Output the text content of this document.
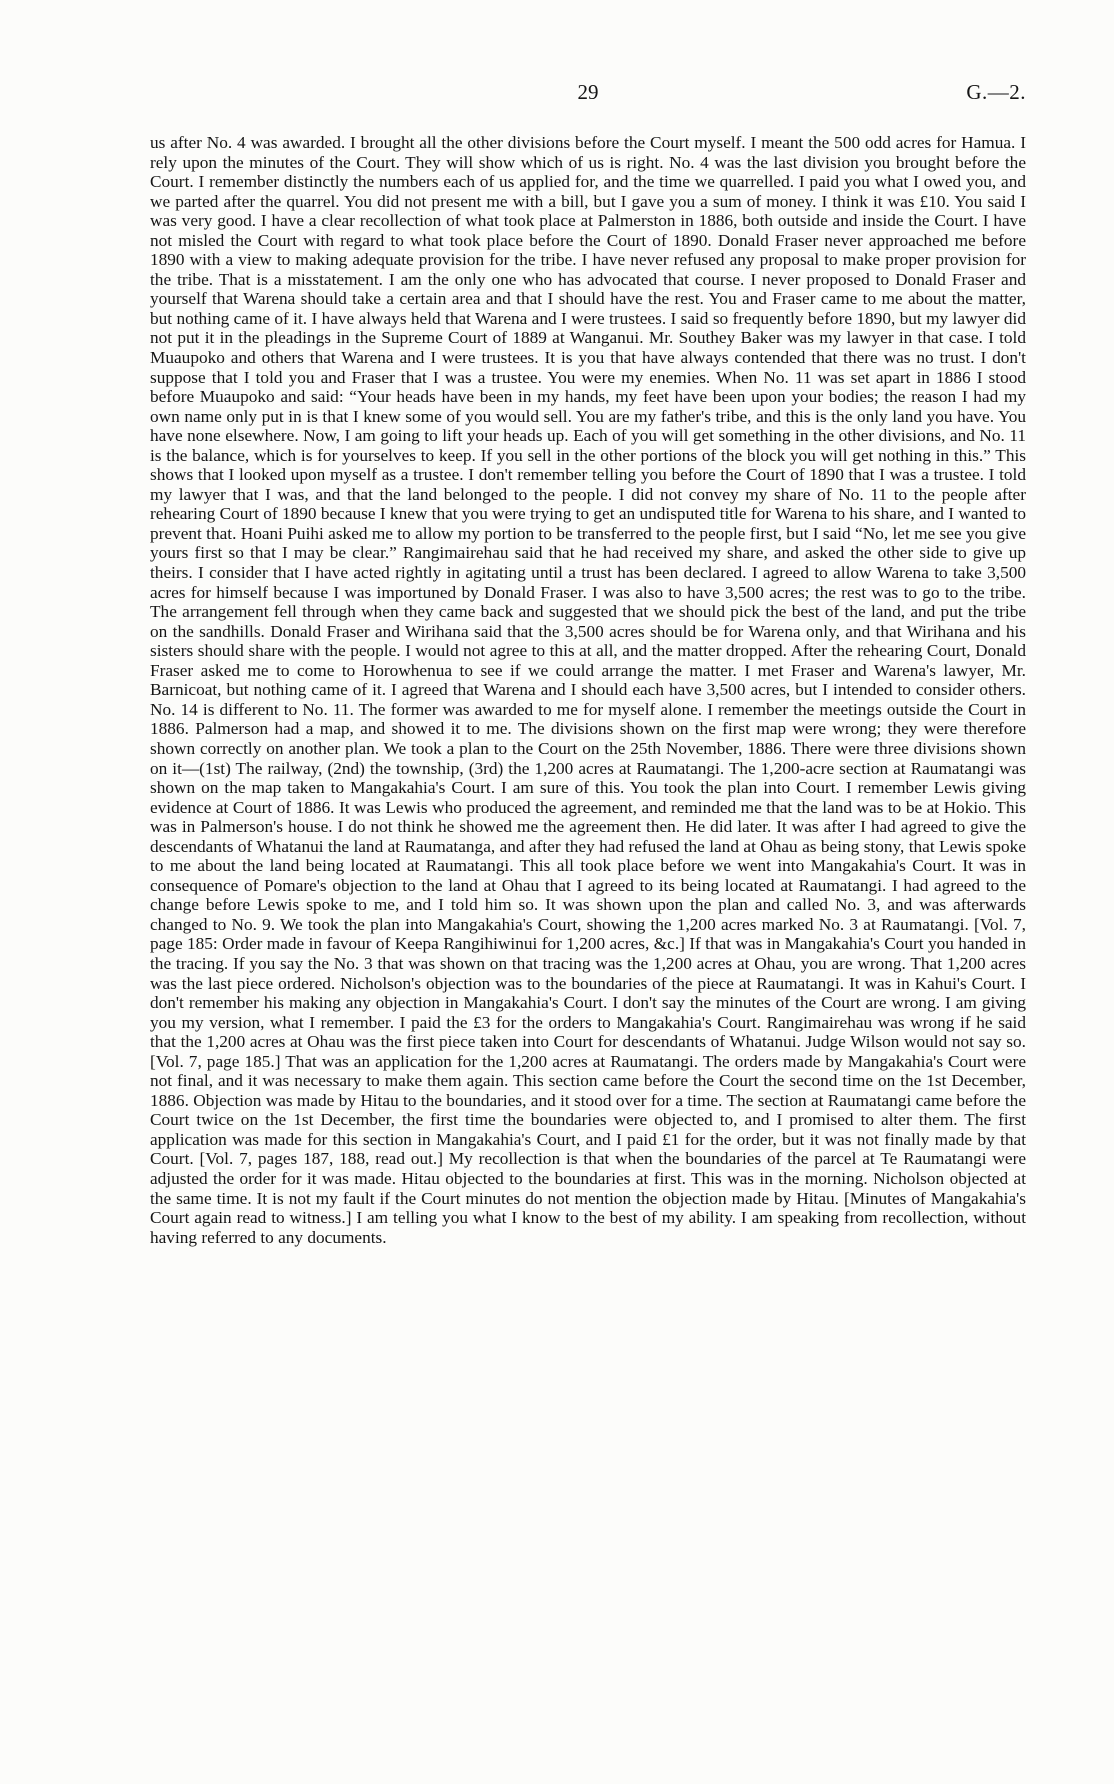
29	G.—2.

us after No. 4 was awarded. I brought all the other divisions before the Court myself. I meant the 500 odd acres for Hamua. I rely upon the minutes of the Court. They will show which of us is right. No. 4 was the last division you brought before the Court. I remember distinctly the numbers each of us applied for, and the time we quarrelled. I paid you what I owed you, and we parted after the quarrel. You did not present me with a bill, but I gave you a sum of money. I think it was £10. You said I was very good. I have a clear recollection of what took place at Palmerston in 1886, both outside and inside the Court. I have not misled the Court with regard to what took place before the Court of 1890. Donald Fraser never approached me before 1890 with a view to making adequate provision for the tribe. I have never refused any proposal to make proper provision for the tribe. That is a misstatement. I am the only one who has advocated that course. I never proposed to Donald Fraser and yourself that Warena should take a certain area and that I should have the rest. You and Fraser came to me about the matter, but nothing came of it. I have always held that Warena and I were trustees. I said so frequently before 1890, but my lawyer did not put it in the pleadings in the Supreme Court of 1889 at Wanganui. Mr. Southey Baker was my lawyer in that case. I told Muaupoko and others that Warena and I were trustees. It is you that have always contended that there was no trust. I don't suppose that I told you and Fraser that I was a trustee. You were my enemies. When No. 11 was set apart in 1886 I stood before Muaupoko and said: “Your heads have been in my hands, my feet have been upon your bodies; the reason I had my own name only put in is that I knew some of you would sell. You are my father's tribe, and this is the only land you have. You have none elsewhere. Now, I am going to lift your heads up. Each of you will get something in the other divisions, and No. 11 is the balance, which is for yourselves to keep. If you sell in the other portions of the block you will get nothing in this.” This shows that I looked upon myself as a trustee. I don't remember telling you before the Court of 1890 that I was a trustee. I told my lawyer that I was, and that the land belonged to the people. I did not convey my share of No. 11 to the people after rehearing Court of 1890 because I knew that you were trying to get an undisputed title for Warena to his share, and I wanted to prevent that. Hoani Puihi asked me to allow my portion to be transferred to the people first, but I said “No, let me see you give yours first so that I may be clear.” Rangimairehau said that he had received my share, and asked the other side to give up theirs. I consider that I have acted rightly in agitating until a trust has been declared. I agreed to allow Warena to take 3,500 acres for himself because I was importuned by Donald Fraser. I was also to have 3,500 acres; the rest was to go to the tribe. The arrangement fell through when they came back and suggested that we should pick the best of the land, and put the tribe on the sandhills. Donald Fraser and Wirihana said that the 3,500 acres should be for Warena only, and that Wirihana and his sisters should share with the people. I would not agree to this at all, and the matter dropped. After the rehearing Court, Donald Fraser asked me to come to Horowhenua to see if we could arrange the matter. I met Fraser and Warena's lawyer, Mr. Barnicoat, but nothing came of it. I agreed that Warena and I should each have 3,500 acres, but I intended to consider others. No. 14 is different to No. 11. The former was awarded to me for myself alone. I remember the meetings outside the Court in 1886. Palmerson had a map, and showed it to me. The divisions shown on the first map were wrong; they were therefore shown correctly on another plan. We took a plan to the Court on the 25th November, 1886. There were three divisions shown on it—(1st) The railway, (2nd) the township, (3rd) the 1,200 acres at Raumatangi. The 1,200-acre section at Raumatangi was shown on the map taken to Mangakahia's Court. I am sure of this. You took the plan into Court. I remember Lewis giving evidence at Court of 1886. It was Lewis who produced the agreement, and reminded me that the land was to be at Hokio. This was in Palmerson's house. I do not think he showed me the agreement then. He did later. It was after I had agreed to give the descendants of Whatanui the land at Raumatanga, and after they had refused the land at Ohau as being stony, that Lewis spoke to me about the land being located at Raumatangi. This all took place before we went into Mangakahia's Court. It was in consequence of Pomare's objection to the land at Ohau that I agreed to its being located at Raumatangi. I had agreed to the change before Lewis spoke to me, and I told him so. It was shown upon the plan and called No. 3, and was afterwards changed to No. 9. We took the plan into Mangakahia's Court, showing the 1,200 acres marked No. 3 at Raumatangi. [Vol. 7, page 185: Order made in favour of Keepa Rangihiwinui for 1,200 acres, &c.] If that was in Mangakahia's Court you handed in the tracing. If you say the No. 3 that was shown on that tracing was the 1,200 acres at Ohau, you are wrong. That 1,200 acres was the last piece ordered. Nicholson's objection was to the boundaries of the piece at Raumatangi. It was in Kahui's Court. I don't remember his making any objection in Mangakahia's Court. I don't say the minutes of the Court are wrong. I am giving you my version, what I remember. I paid the £3 for the orders to Mangakahia's Court. Rangimairehau was wrong if he said that the 1,200 acres at Ohau was the first piece taken into Court for descendants of Whatanui. Judge Wilson would not say so. [Vol. 7, page 185.] That was an application for the 1,200 acres at Raumatangi. The orders made by Mangakahia's Court were not final, and it was necessary to make them again. This section came before the Court the second time on the 1st December, 1886. Objection was made by Hitau to the boundaries, and it stood over for a time. The section at Raumatangi came before the Court twice on the 1st December, the first time the boundaries were objected to, and I promised to alter them. The first application was made for this section in Mangakahia's Court, and I paid £1 for the order, but it was not finally made by that Court. [Vol. 7, pages 187, 188, read out.] My recollection is that when the boundaries of the parcel at Te Raumatangi were adjusted the order for it was made. Hitau objected to the boundaries at first. This was in the morning. Nicholson objected at the same time. It is not my fault if the Court minutes do not mention the objection made by Hitau. [Minutes of Mangakahia's Court again read to witness.] I am telling you what I know to the best of my ability. I am speaking from recollection, without having referred to any documents.
